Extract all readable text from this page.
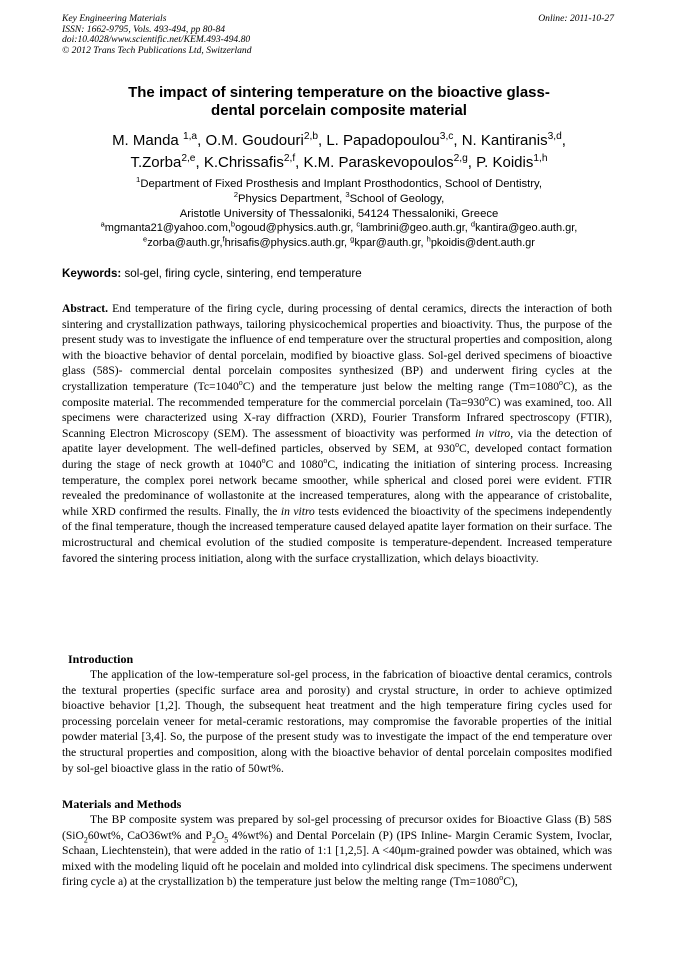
Key Engineering Materials
ISSN: 1662-9795, Vols. 493-494, pp 80-84
doi:10.4028/www.scientific.net/KEM.493-494.80
© 2012 Trans Tech Publications Ltd, Switzerland
Online: 2011-10-27
The impact of sintering temperature on the bioactive glass-
dental porcelain composite material
M. Manda $^{1,a}$, O.M. Goudouri$^{2,b}$, L. Papadopoulou$^{3,c}$, N. Kantiranis$^{3,d}$,
T.Zorba$^{2,e}$, K.Chrissafis$^{2,f}$, K.M. Paraskevopoulos$^{2,g}$, P. Koidis$^{1,h}$
$^1$Department of Fixed Prosthesis and Implant Prosthodontics, School of Dentistry,
$^2$Physics Department, $^3$School of Geology,
Aristotle University of Thessaloniki, 54124 Thessaloniki, Greece
$^a$mgmanta21@yahoo.com,$^b$ogoud@physics.auth.gr, $^c$lambrini@geo.auth.gr, $^d$kantira@geo.auth.gr,
$^e$zorba@auth.gr,$^f$hrisafis@physics.auth.gr, $^g$kpar@auth.gr, $^h$pkoidis@dent.auth.gr
Keywords: sol-gel, firing cycle, sintering, end temperature
Abstract. End temperature of the firing cycle, during processing of dental ceramics, directs the interaction of both sintering and crystallization pathways, tailoring physicochemical properties and bioactivity. Thus, the purpose of the present study was to investigate the influence of end temperature over the structural properties and composition, along with the bioactive behavior of dental porcelain, modified by bioactive glass. Sol-gel derived specimens of bioactive glass (58S)- commercial dental porcelain composites synthesized (BP) and underwent firing cycles at the crystallization temperature $(Tc=1040^oC)$ and the temperature just below the melting range $(Tm=1080^oC)$, as the composite material. The recommended temperature for the commercial porcelain $(Ta=930^oC)$ was examined, too. All specimens were characterized using X-ray diffraction (XRD), Fourier Transform Infrared spectroscopy (FTIR), Scanning Electron Microscopy (SEM). The assessment of bioactivity was performed in vitro, via the detection of apatite layer development. The well-defined particles, observed by SEM, at 930$^o$C, developed contact formation during the stage of neck growth at 1040$^o$C and 1080$^o$C, indicating the initiation of sintering process. Increasing temperature, the complex porei network became smoother, while spherical and closed porei were evident. FTIR revealed the predominance of wollastonite at the increased temperatures, along with the appearance of cristobalite, while XRD confirmed the results. Finally, the in vitro tests evidenced the bioactivity of the specimens independently of the final temperature, though the increased temperature caused delayed apatite layer formation on their surface. The microstructural and chemical evolution of the studied composite is temperature-dependent. Increased temperature favored the sintering process initiation, along with the surface crystallization, which delays bioactivity.
Introduction
The application of the low-temperature sol-gel process, in the fabrication of bioactive dental ceramics, controls the textural properties (specific surface area and porosity) and crystal structure, in order to achieve optimized bioactive behavior [1,2]. Though, the subsequent heat treatment and the high temperature firing cycles used for processing porcelain veneer for metal-ceramic restorations, may compromise the favorable properties of the initial powder material [3,4]. So, the purpose of the present study was to investigate the impact of the end temperature over the structural properties and composition, along with the bioactive behavior of dental porcelain composites modified by sol-gel bioactive glass in the ratio of 50wt%.
Materials and Methods
The BP composite system was prepared by sol-gel processing of precursor oxides for Bioactive Glass (B) 58S (SiO$_2$60wt%, CaO36wt% and $P_2O_5$ 4%wt%) and Dental Porcelain (P) (IPS Inline- Margin Ceramic System, Ivoclar, Schaan, Liechtenstein), that were added in the ratio of 1:1 [1,2,5]. A <40μm-grained powder was obtained, which was mixed with the modeling liquid oft he pocelain and molded into cylindrical disk specimens. The specimens underwent firing cycle a) at the crystallization b) the temperature just below the melting range $(Tm=1080^oC)$,
